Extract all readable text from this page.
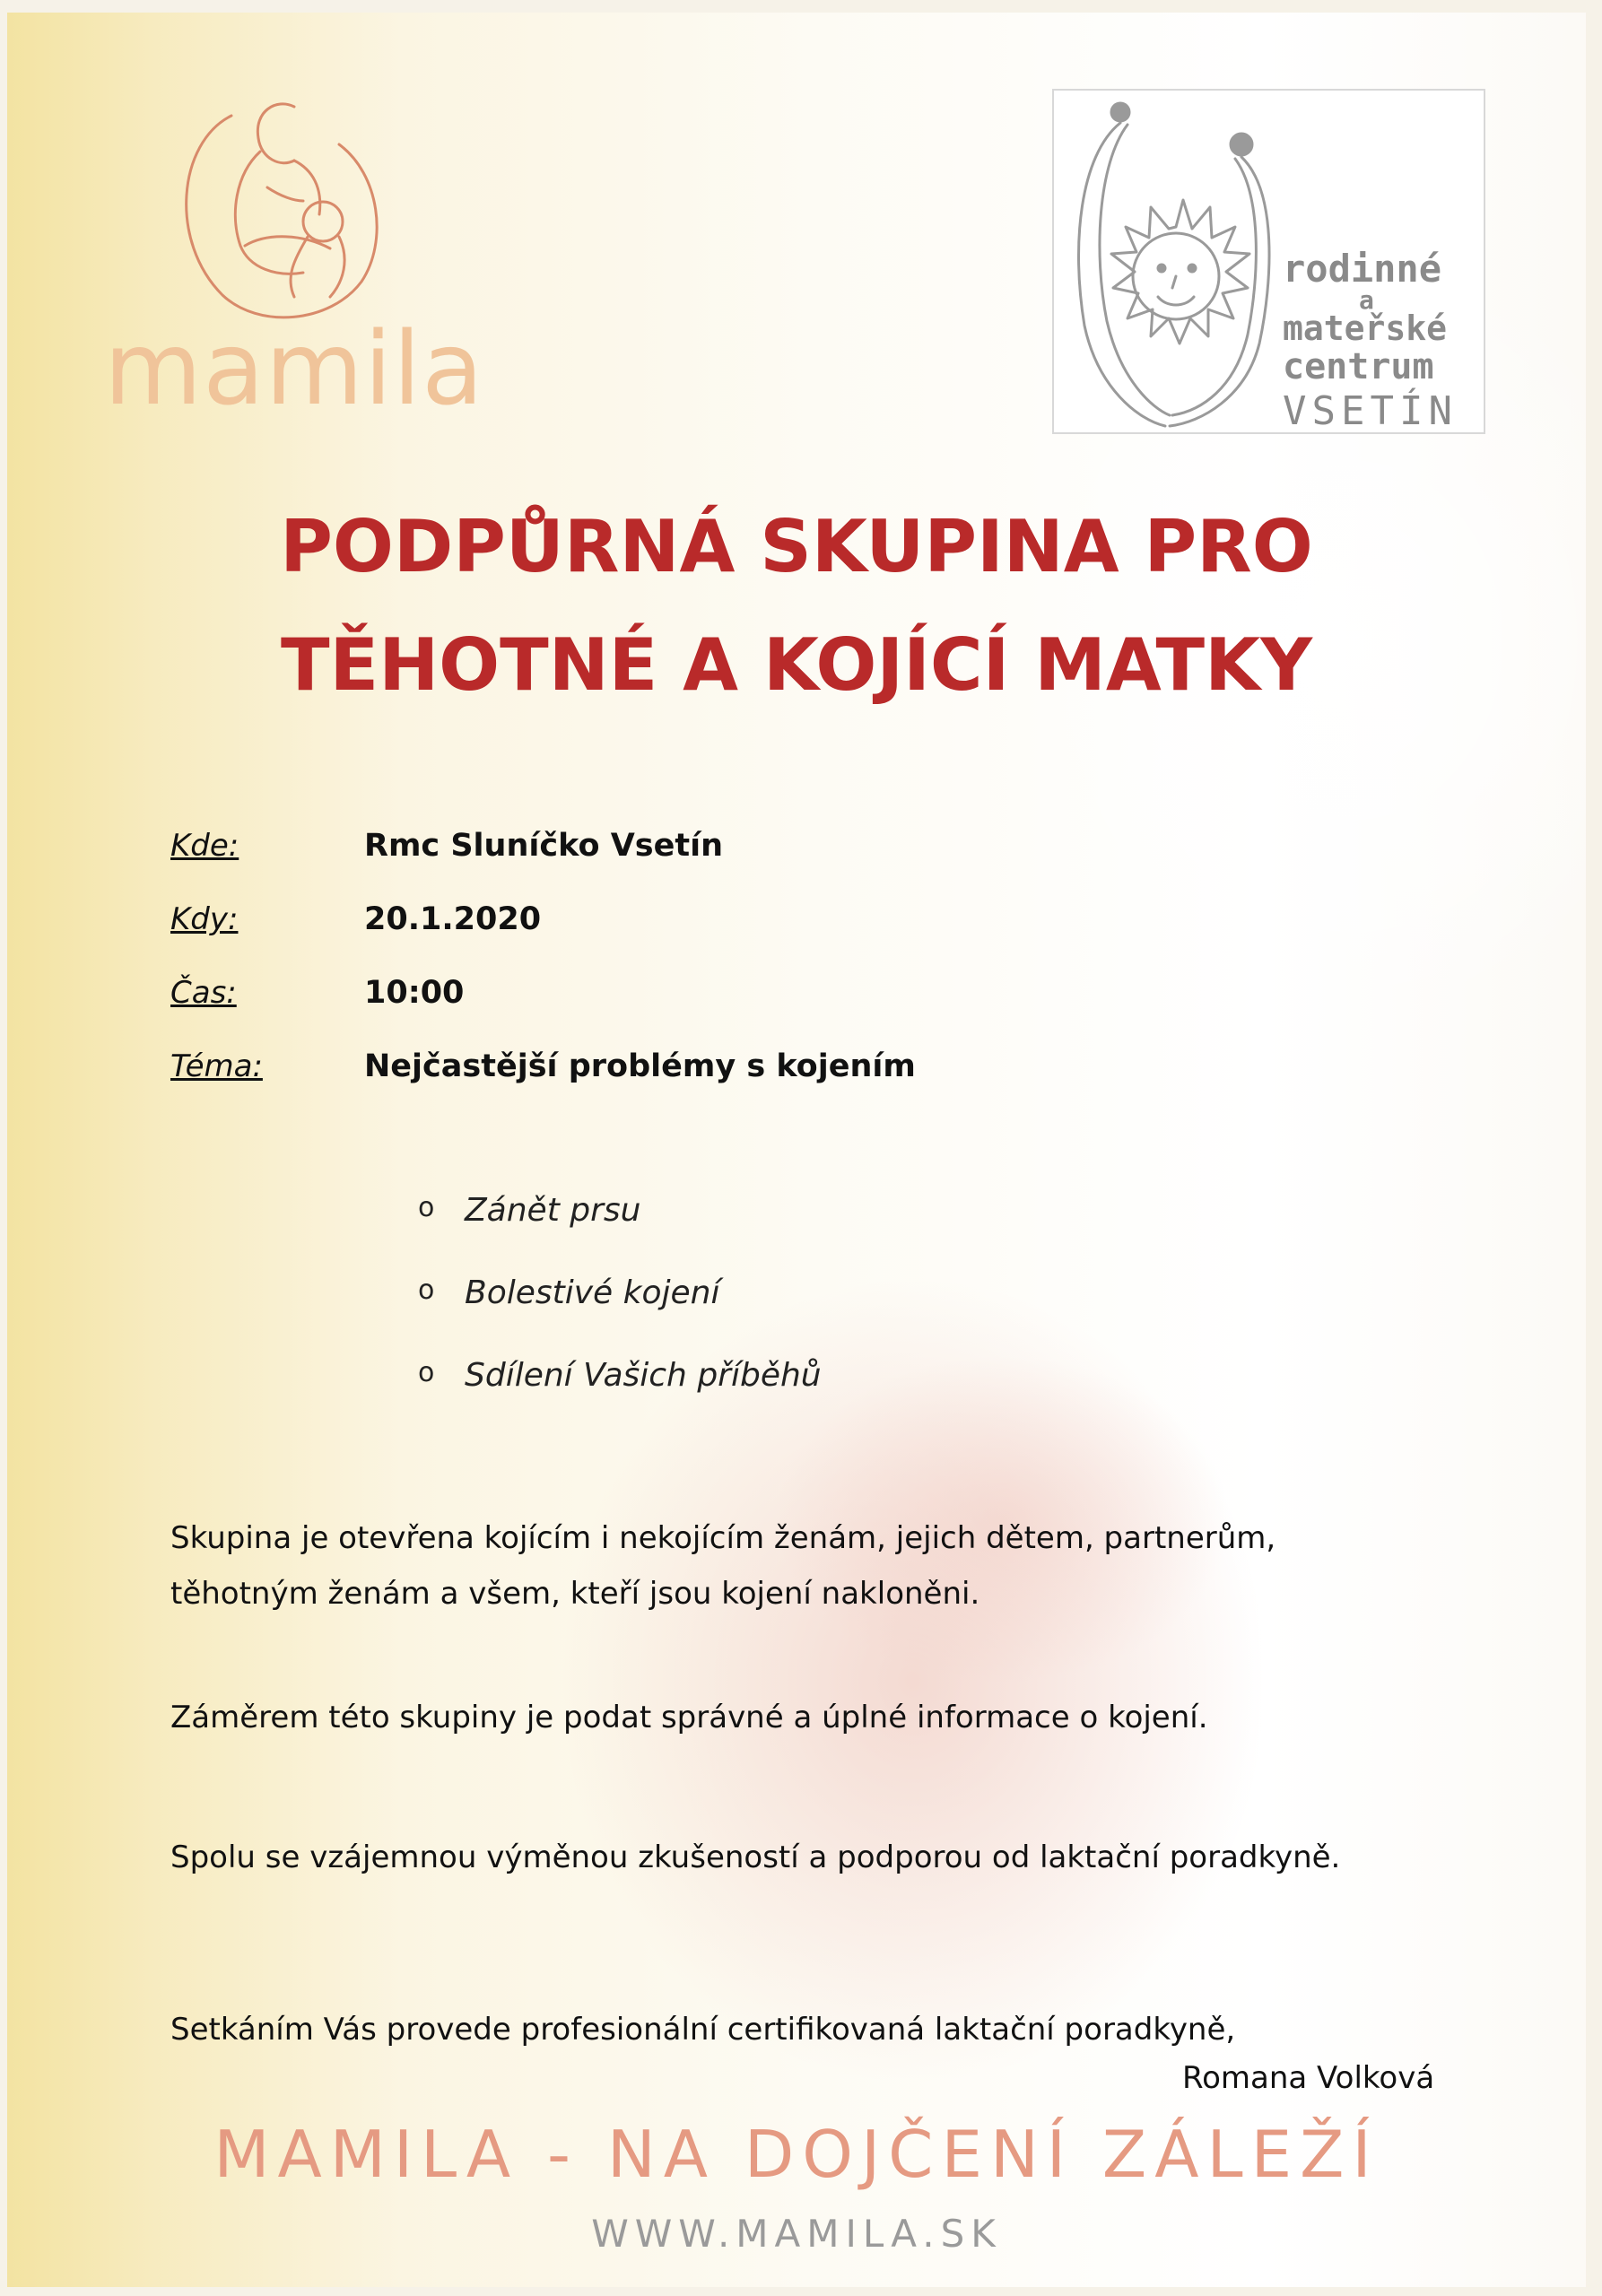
mamila
rodinné
a
mateřské
centrum
VSETÍN
PODPŮRNÁ SKUPINA PRO
TĚHOTNÉ A KOJÍCÍ MATKY
Kde:	Rmc Sluníčko Vsetín
Kdy:	20.1.2020
Čas:	10:00
Téma:	Nejčastější problémy s kojením
o Zánět prsu
o Bolestivé kojení
o Sdílení Vašich příběhů
Skupina je otevřena kojícím i nekojícím ženám, jejich dětem, partnerům,
těhotným ženám a všem, kteří jsou kojení nakloněni.
Záměrem této skupiny je podat správné a úplné informace o kojení.
Spolu se vzájemnou výměnou zkušeností a podporou od laktační poradkyně.
Setkáním Vás provede profesionální certifikovaná laktační poradkyně,
Romana Volková
MAMILA - NA DOJČENÍ ZÁLEŽÍ
WWW.MAMILA.SK
